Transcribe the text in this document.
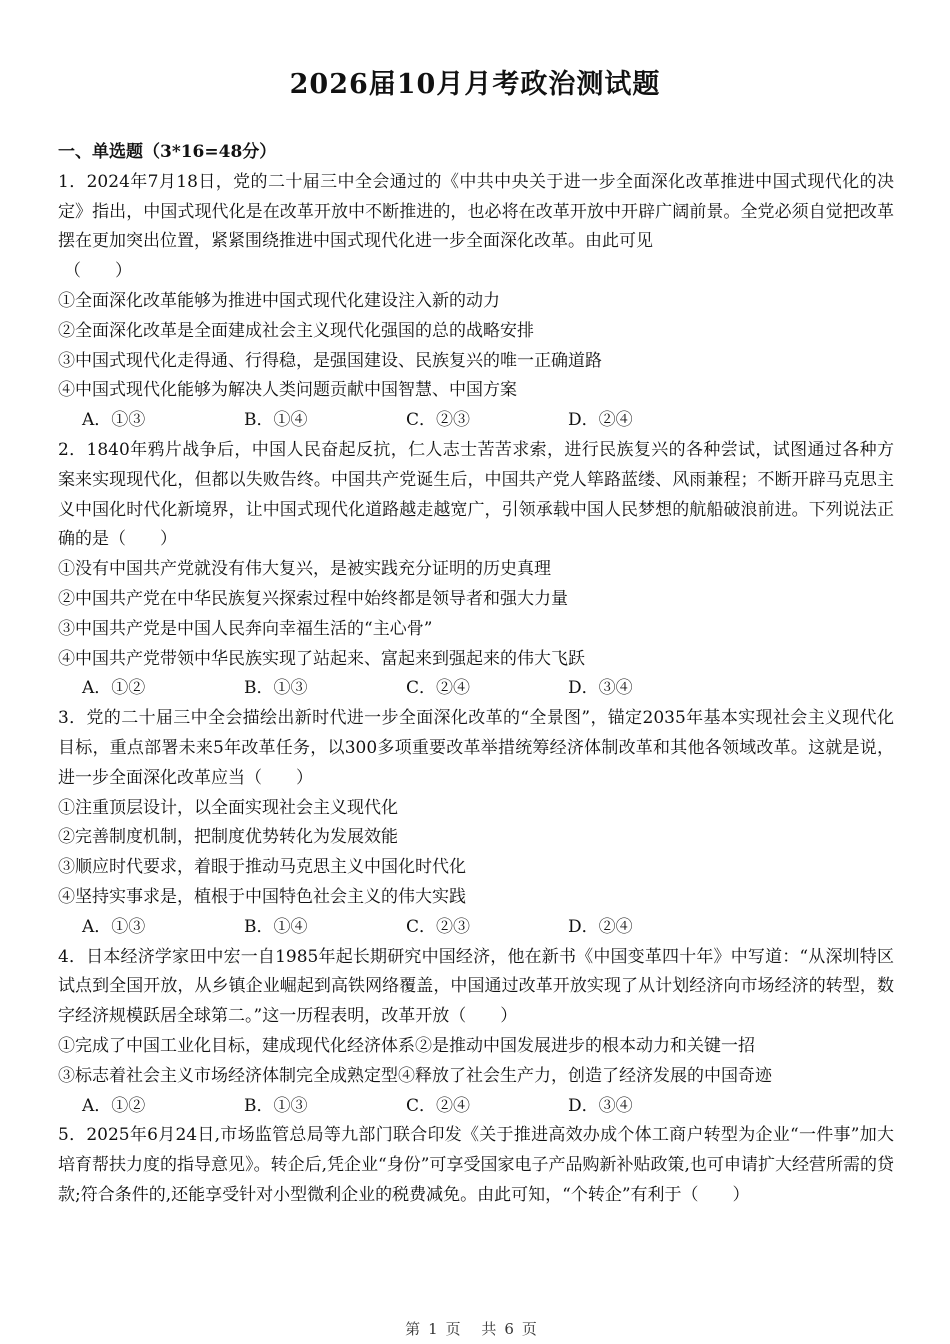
2026届10月月考政治测试题
一、单选题（3*16=48分）
1．2024年7月18日，党的二十届三中全会通过的《中共中央关于进一步全面深化改革推进中国式现代化的决定》指出，中国式现代化是在改革开放中不断推进的，也必将在改革开放中开辟广阔前景。全党必须自觉把改革摆在更加突出位置，紧紧围绕推进中国式现代化进一步全面深化改革。由此可见
（　　）
①全面深化改革能够为推进中国式现代化建设注入新的动力
②全面深化改革是全面建成社会主义现代化强国的总的战略安排
③中国式现代化走得通、行得稳，是强国建设、民族复兴的唯一正确道路
④中国式现代化能够为解决人类问题贡献中国智慧、中国方案
A．①③	B．①④	C．②③	D．②④
2．1840年鸦片战争后，中国人民奋起反抗，仁人志士苦苦求索，进行民族复兴的各种尝试，试图通过各种方案来实现现代化，但都以失败告终。中国共产党诞生后，中国共产党人筚路蓝缕、风雨兼程；不断开辟马克思主义中国化时代化新境界，让中国式现代化道路越走越宽广，引领承载中国人民梦想的航船破浪前进。下列说法正确的是（　　）
①没有中国共产党就没有伟大复兴，是被实践充分证明的历史真理
②中国共产党在中华民族复兴探索过程中始终都是领导者和强大力量
③中国共产党是中国人民奔向幸福生活的“主心骨”
④中国共产党带领中华民族实现了站起来、富起来到强起来的伟大飞跃
A．①②	B．①③	C．②④	D．③④
3．党的二十届三中全会描绘出新时代进一步全面深化改革的“全景图”，锚定2035年基本实现社会主义现代化目标，重点部署未来5年改革任务，以300多项重要改革举措统筹经济体制改革和其他各领域改革。这就是说，进一步全面深化改革应当（　　）
①注重顶层设计，以全面实现社会主义现代化
②完善制度机制，把制度优势转化为发展效能
③顺应时代要求，着眼于推动马克思主义中国化时代化
④坚持实事求是，植根于中国特色社会主义的伟大实践
A．①③	B．①④	C．②③	D．②④
4．日本经济学家田中宏一自1985年起长期研究中国经济，他在新书《中国变革四十年》中写道：“从深圳特区试点到全国开放，从乡镇企业崛起到高铁网络覆盖，中国通过改革开放实现了从计划经济向市场经济的转型，数字经济规模跃居全球第二。”这一历程表明，改革开放（　　）
①完成了中国工业化目标，建成现代化经济体系②是推动中国发展进步的根本动力和关键一招
③标志着社会主义市场经济体制完全成熟定型④释放了社会生产力，创造了经济发展的中国奇迹
A．①②	B．①③	C．②④	D．③④
5．2025年6月24日,市场监管总局等九部门联合印发《关于推进高效办成个体工商户转型为企业“一件事”加大培育帮扶力度的指导意见》。转企后,凭企业“身份”可享受国家电子产品购新补贴政策,也可申请扩大经营所需的贷款;符合条件的,还能享受针对小型微利企业的税费减免。由此可知，“个转企”有利于（　　）
第1页 共6页
